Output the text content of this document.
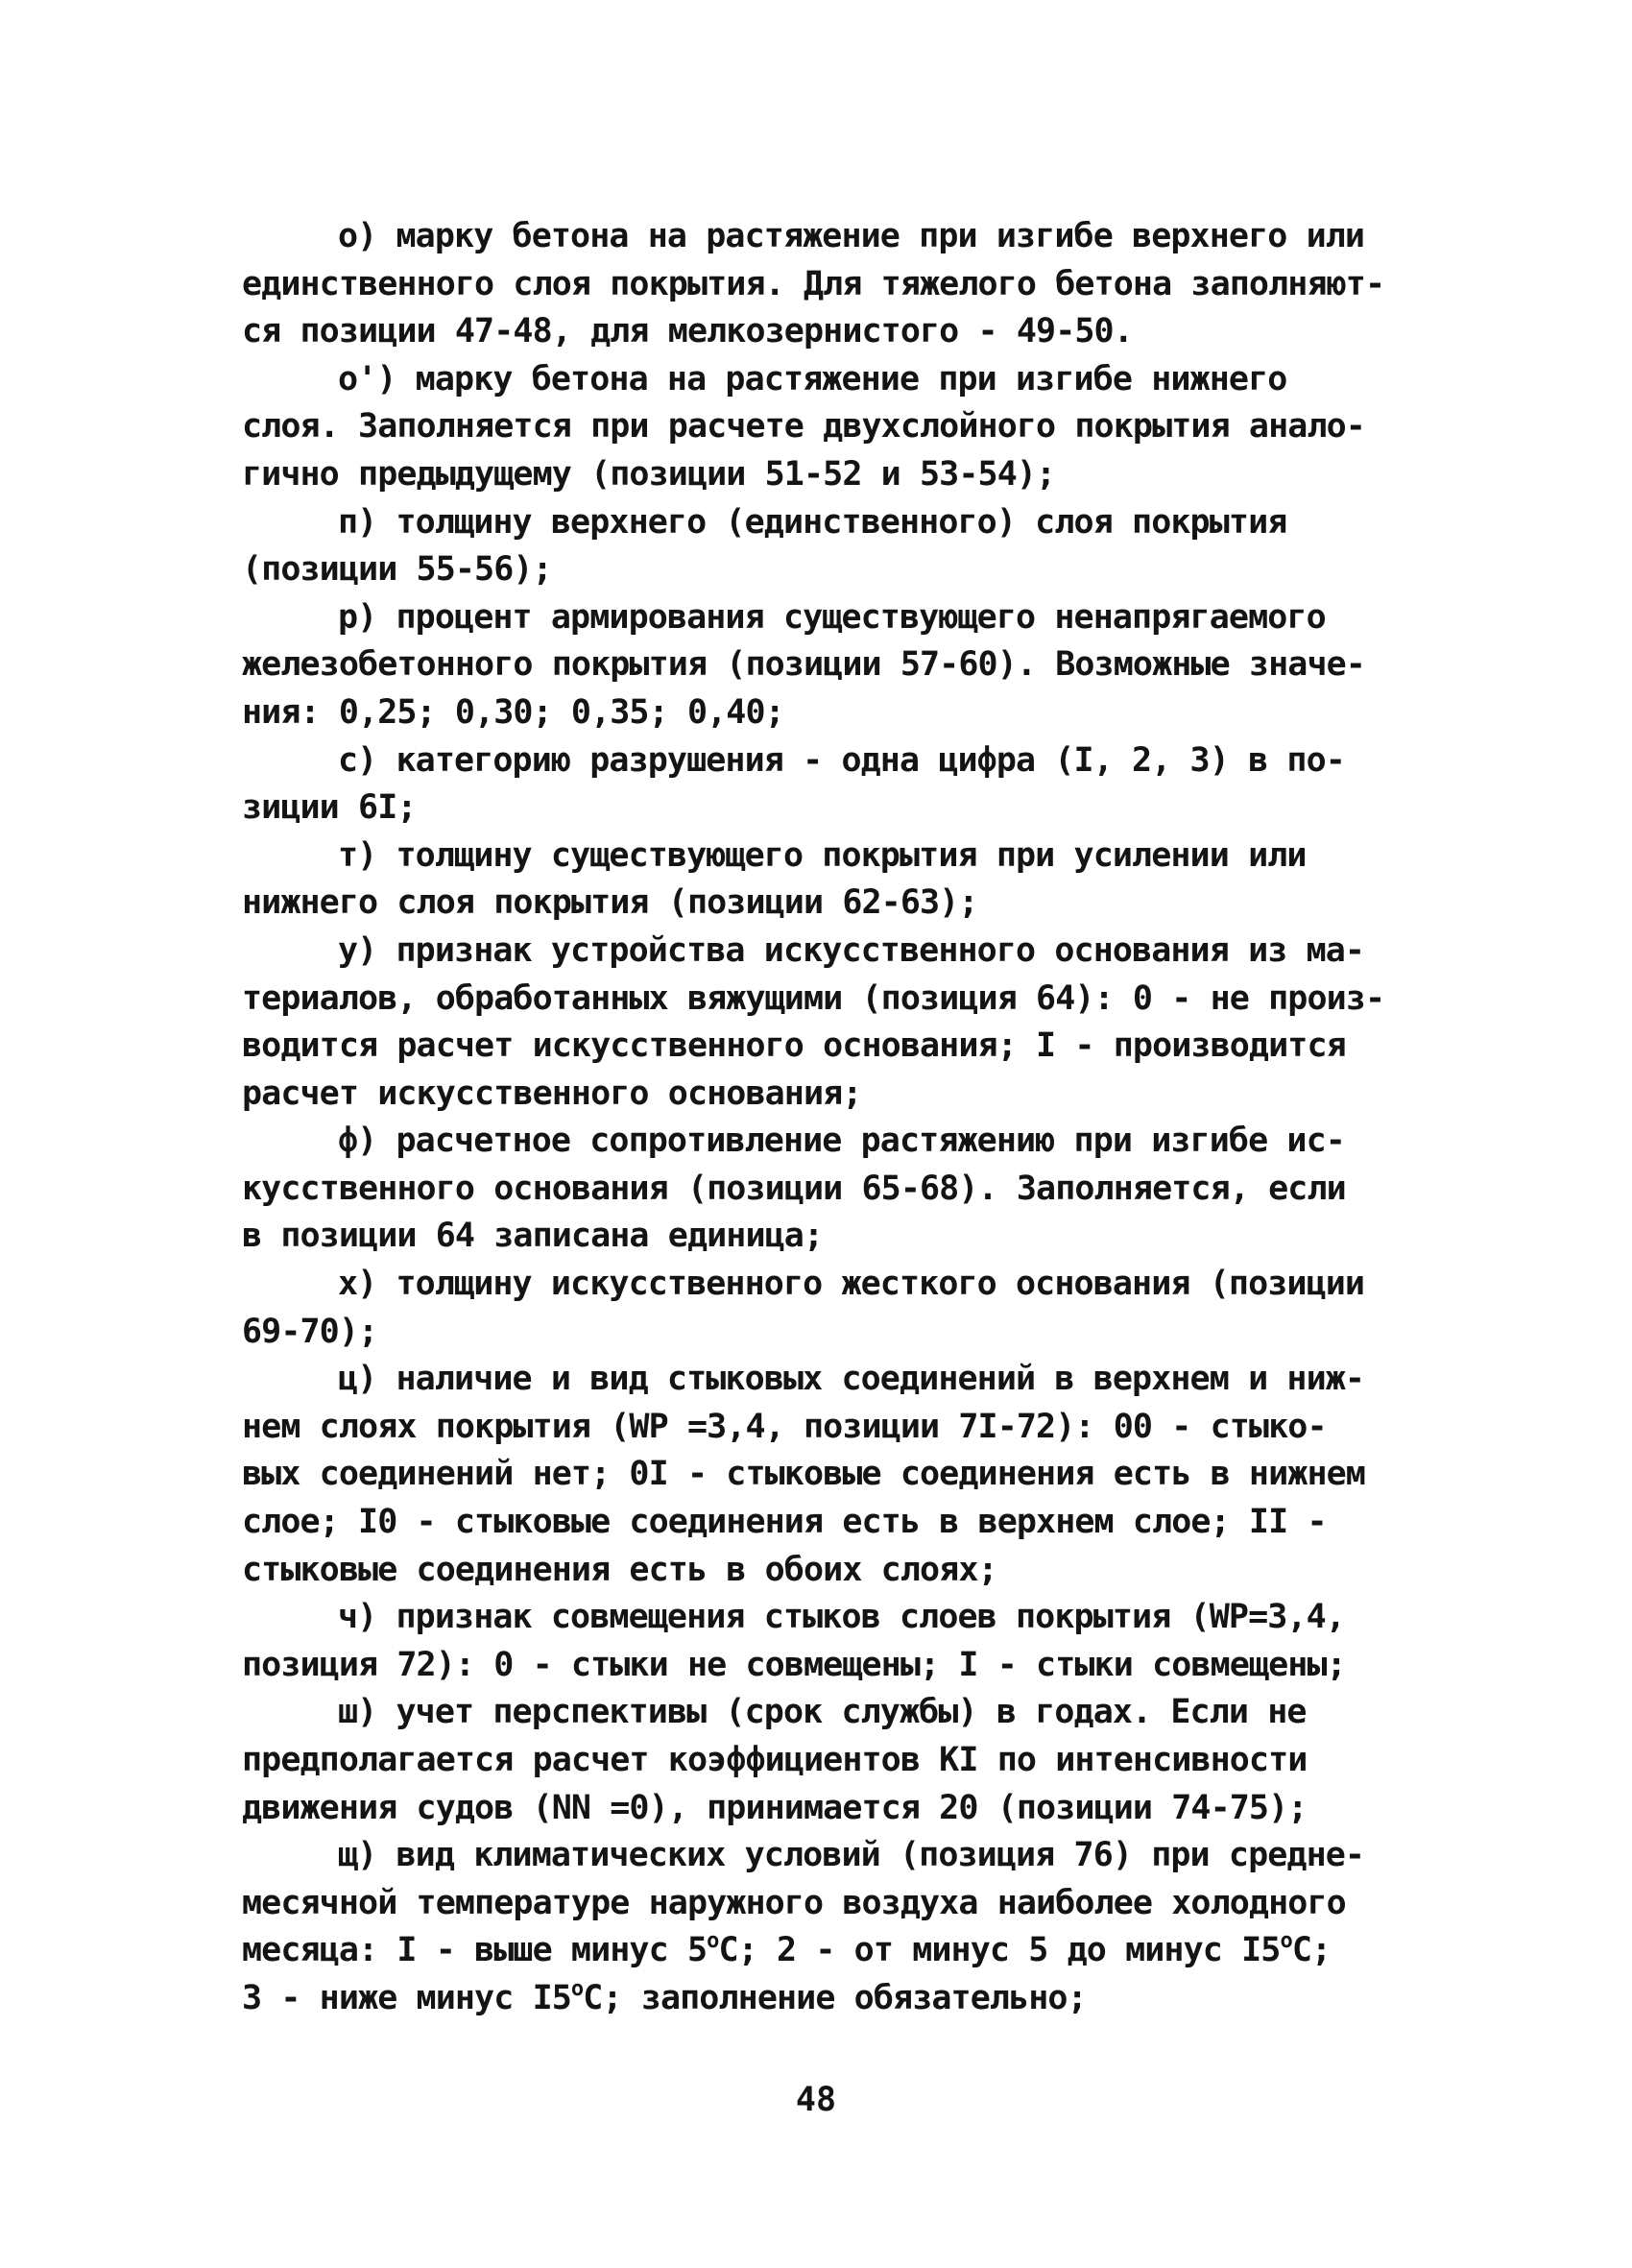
о) марку бетона на растяжение при изгибе верхнего или
единственного слоя покрытия. Для тяжелого бетона заполняют-
ся позиции 47-48, для мелкозернистого - 49-50.
о') марку бетона на растяжение при изгибе нижнего
слоя. Заполняется при расчете двухслойного покрытия анало-
гично предыдущему (позиции 51-52 и 53-54);
п) толщину верхнего (единственного) слоя покрытия
(позиции 55-56);
р) процент армирования существующего ненапрягаемого
железобетонного покрытия (позиции 57-60). Возможные значе-
ния: 0,25; 0,30; 0,35; 0,40;
с) категорию разрушения - одна цифра (I, 2, 3) в по-
зиции 6I;
т) толщину существующего покрытия при усилении или
нижнего слоя покрытия (позиции 62-63);
у) признак устройства искусственного основания из ма-
териалов, обработанных вяжущими (позиция 64): 0 - не произ-
водится расчет искусственного основания; I - производится
расчет искусственного основания;
ф) расчетное сопротивление растяжению при изгибе ис-
кусственного основания (позиции 65-68). Заполняется, если
в позиции 64 записана единица;
х) толщину искусственного жесткого основания (позиции
69-70);
ц) наличие и вид стыковых соединений в верхнем и ниж-
нем слоях покрытия (WP =3,4, позиции 7I-72): 00 - стыко-
вых соединений нет; 0I - стыковые соединения есть в нижнем
слое; I0 - стыковые соединения есть в верхнем слое; II -
стыковые соединения есть в обоих слоях;
ч) признак совмещения стыков слоев покрытия (WP=3,4,
позиция 72): 0 - стыки не совмещены; I - стыки совмещены;
ш) учет перспективы (срок службы) в годах. Если не
предполагается расчет коэффициентов KI по интенсивности
движения судов (NN =0), принимается 20 (позиции 74-75);
щ) вид климатических условий (позиция 76) при средне-
месячной температуре наружного воздуха наиболее холодного
месяца: I - выше минус 5$^o$C; 2 - от минус 5 до минус I5$^o$C;
3 - ниже минус I5$^o$C; заполнение обязательно;
48
